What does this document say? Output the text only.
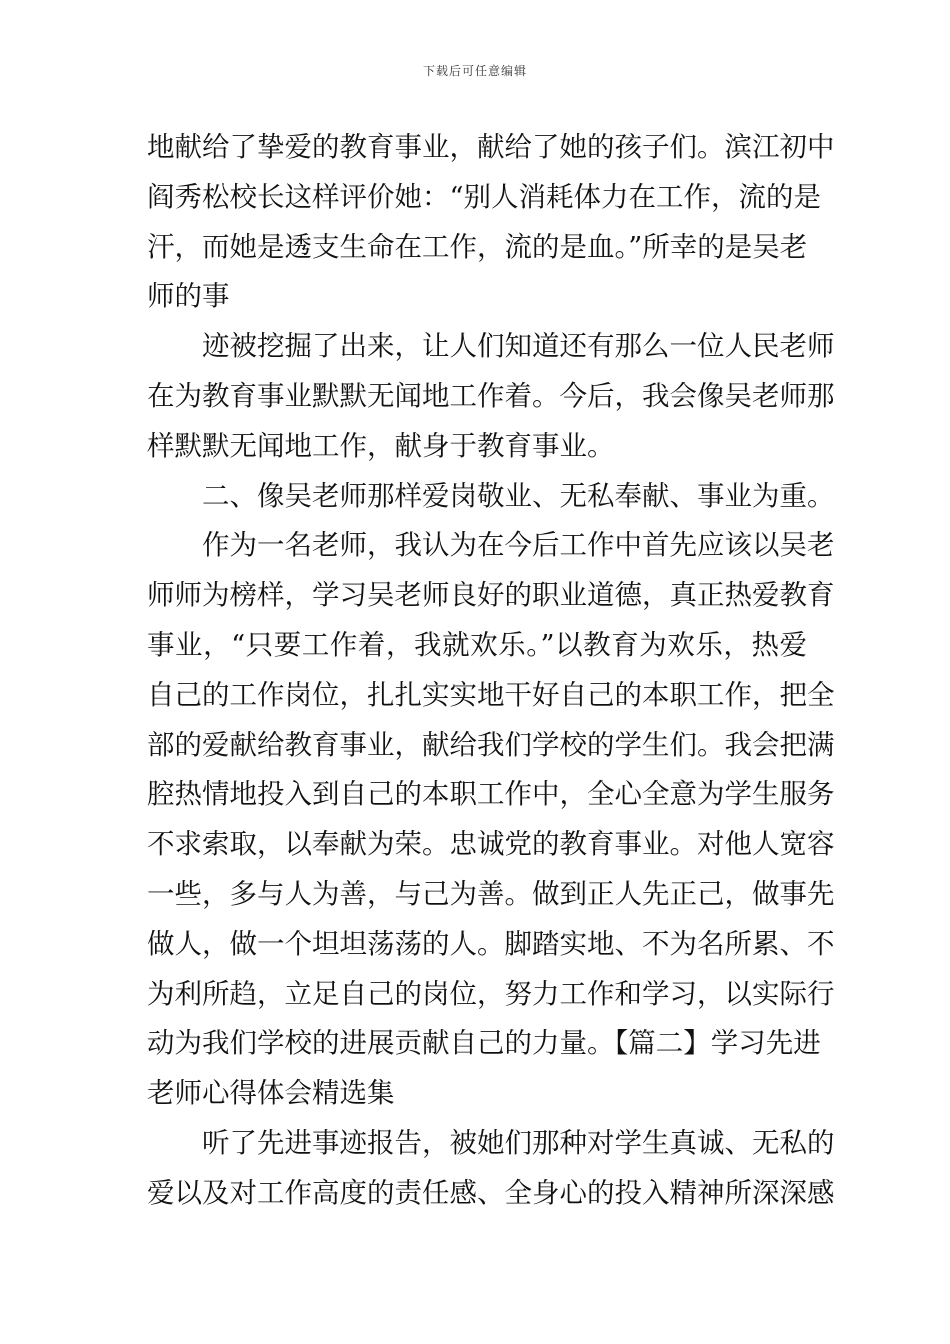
下载后可任意编辑
地献给了挚爱的教育事业，献给了她的孩子们。滨江初中
阎秀松校长这样评价她：“别人消耗体力在工作，流的是
汗，而她是透支生命在工作，流的是血。”所幸的是吴老
师的事
　　迹被挖掘了出来，让人们知道还有那么一位人民老师
在为教育事业默默无闻地工作着。今后，我会像吴老师那
样默默无闻地工作，献身于教育事业。
　　二、像吴老师那样爱岗敬业、无私奉献、事业为重。
　　作为一名老师，我认为在今后工作中首先应该以吴老
师师为榜样，学习吴老师良好的职业道德，真正热爱教育
事业，“只要工作着，我就欢乐。”以教育为欢乐，热爱
自己的工作岗位，扎扎实实地干好自己的本职工作，把全
部的爱献给教育事业，献给我们学校的学生们。我会把满
腔热情地投入到自己的本职工作中，全心全意为学生服务
不求索取，以奉献为荣。忠诚党的教育事业。对他人宽容
一些，多与人为善，与己为善。做到正人先正己，做事先
做人，做一个坦坦荡荡的人。脚踏实地、不为名所累、不
为利所趋，立足自己的岗位，努力工作和学习，以实际行
动为我们学校的进展贡献自己的力量。【篇二】学习先进
老师心得体会精选集
　　听了先进事迹报告，被她们那种对学生真诚、无私的
爱以及对工作高度的责任感、全身心的投入精神所深深感
